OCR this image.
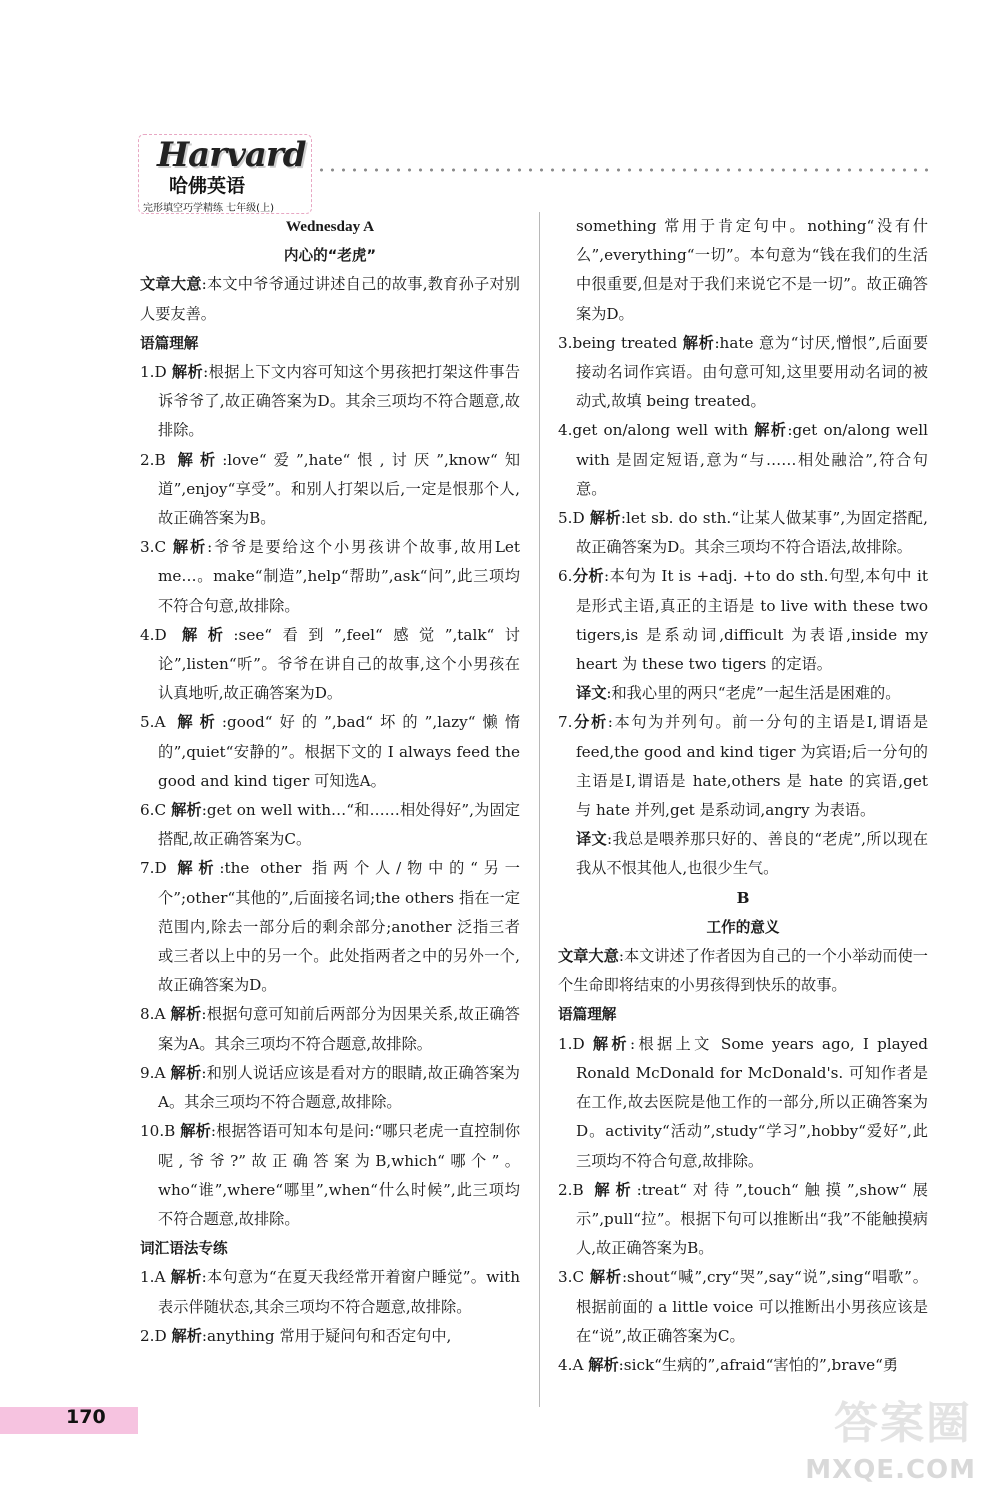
Harvard
哈佛英语
完形填空巧学精练 七年级(上)
Wednesday A
内心的“老虎”

文章大意:本文中爷爷通过讲述自己的故事,教育孙子对别人要友善。

语篇理解

1.D 解析:根据上下文内容可知这个男孩把打架这件事告诉爷爷了,故正确答案为D。其余三项均不符合题意,故排除。

2.B 解析:love“爱”,hate“恨,讨厌”,know“知道”,enjoy“享受”。和别人打架以后,一定是恨那个人,故正确答案为B。

3.C 解析:爷爷是要给这个小男孩讲个故事,故用Let me…。make“制造”,help“帮助”,ask“问”,此三项均不符合句意,故排除。

4.D 解析:see“看到”,feel“感觉”,talk“讨论”,listen“听”。爷爷在讲自己的故事,这个小男孩在认真地听,故正确答案为D。

5.A 解析:good“好的”,bad“坏的”,lazy“懒惰的”,quiet“安静的”。根据下文的 I always feed the good and kind tiger 可知选A。

6.C 解析:get on well with…“和……相处得好”,为固定搭配,故正确答案为C。

7.D 解析:the other 指两个人/物中的“另一个”;other“其他的”,后面接名词;the others 指在一定范围内,除去一部分后的剩余部分;another 泛指三者或三者以上中的另一个。此处指两者之中的另外一个,故正确答案为D。

8.A 解析:根据句意可知前后两部分为因果关系,故正确答案为A。其余三项均不符合题意,故排除。

9.A 解析:和别人说话应该是看对方的眼睛,故正确答案为A。其余三项均不符合题意,故排除。

10.B 解析:根据答语可知本句是问:“哪只老虎一直控制你呢,爷爷?”故正确答案为B,which“哪个”。who“谁”,where“哪里”,when“什么时候”,此三项均不符合题意,故排除。

词汇语法专练

1.A 解析:本句意为“在夏天我经常开着窗户睡觉”。with 表示伴随状态,其余三项均不符合题意,故排除。

2.D 解析:anything 常用于疑问句和否定句中,

something 常用于肯定句中。nothing“没有什么”,everything“一切”。本句意为“钱在我们的生活中很重要,但是对于我们来说它不是一切”。故正确答案为D。

3.being treated 解析:hate 意为“讨厌,憎恨”,后面要接动名词作宾语。由句意可知,这里要用动名词的被动式,故填 being treated。

4.get on/along well with 解析:get on/along well with 是固定短语,意为“与……相处融洽”,符合句意。

5.D 解析:let sb. do sth.“让某人做某事”,为固定搭配,故正确答案为D。其余三项均不符合语法,故排除。

6.分析:本句为 It is +adj. +to do sth.句型,本句中 it 是形式主语,真正的主语是 to live with these two tigers,is 是系动词,difficult 为表语,inside my heart 为 these two tigers 的定语。

译文:和我心里的两只“老虎”一起生活是困难的。

7.分析:本句为并列句。前一分句的主语是I,谓语是 feed,the good and kind tiger 为宾语;后一分句的主语是I,谓语是 hate,others 是 hate 的宾语,get 与 hate 并列,get 是系动词,angry 为表语。

译文:我总是喂养那只好的、善良的“老虎”,所以现在我从不恨其他人,也很少生气。

B
工作的意义

文章大意:本文讲述了作者因为自己的一个小举动而使一个生命即将结束的小男孩得到快乐的故事。

语篇理解

1.D 解析:根据上文 Some years ago, I played Ronald McDonald for McDonald's. 可知作者是在工作,故去医院是他工作的一部分,所以正确答案为D。activity“活动”,study“学习”,hobby“爱好”,此三项均不符合句意,故排除。

2.B 解析:treat“对待”,touch“触摸”,show“展示”,pull“拉”。根据下句可以推断出“我”不能触摸病人,故正确答案为B。

3.C 解析:shout“喊”,cry“哭”,say“说”,sing“唱歌”。根据前面的 a little voice 可以推断出小男孩应该是在“说”,故正确答案为C。

4.A 解析:sick“生病的”,afraid“害怕的”,brave“勇

170	答案圈
MXQE.COM
